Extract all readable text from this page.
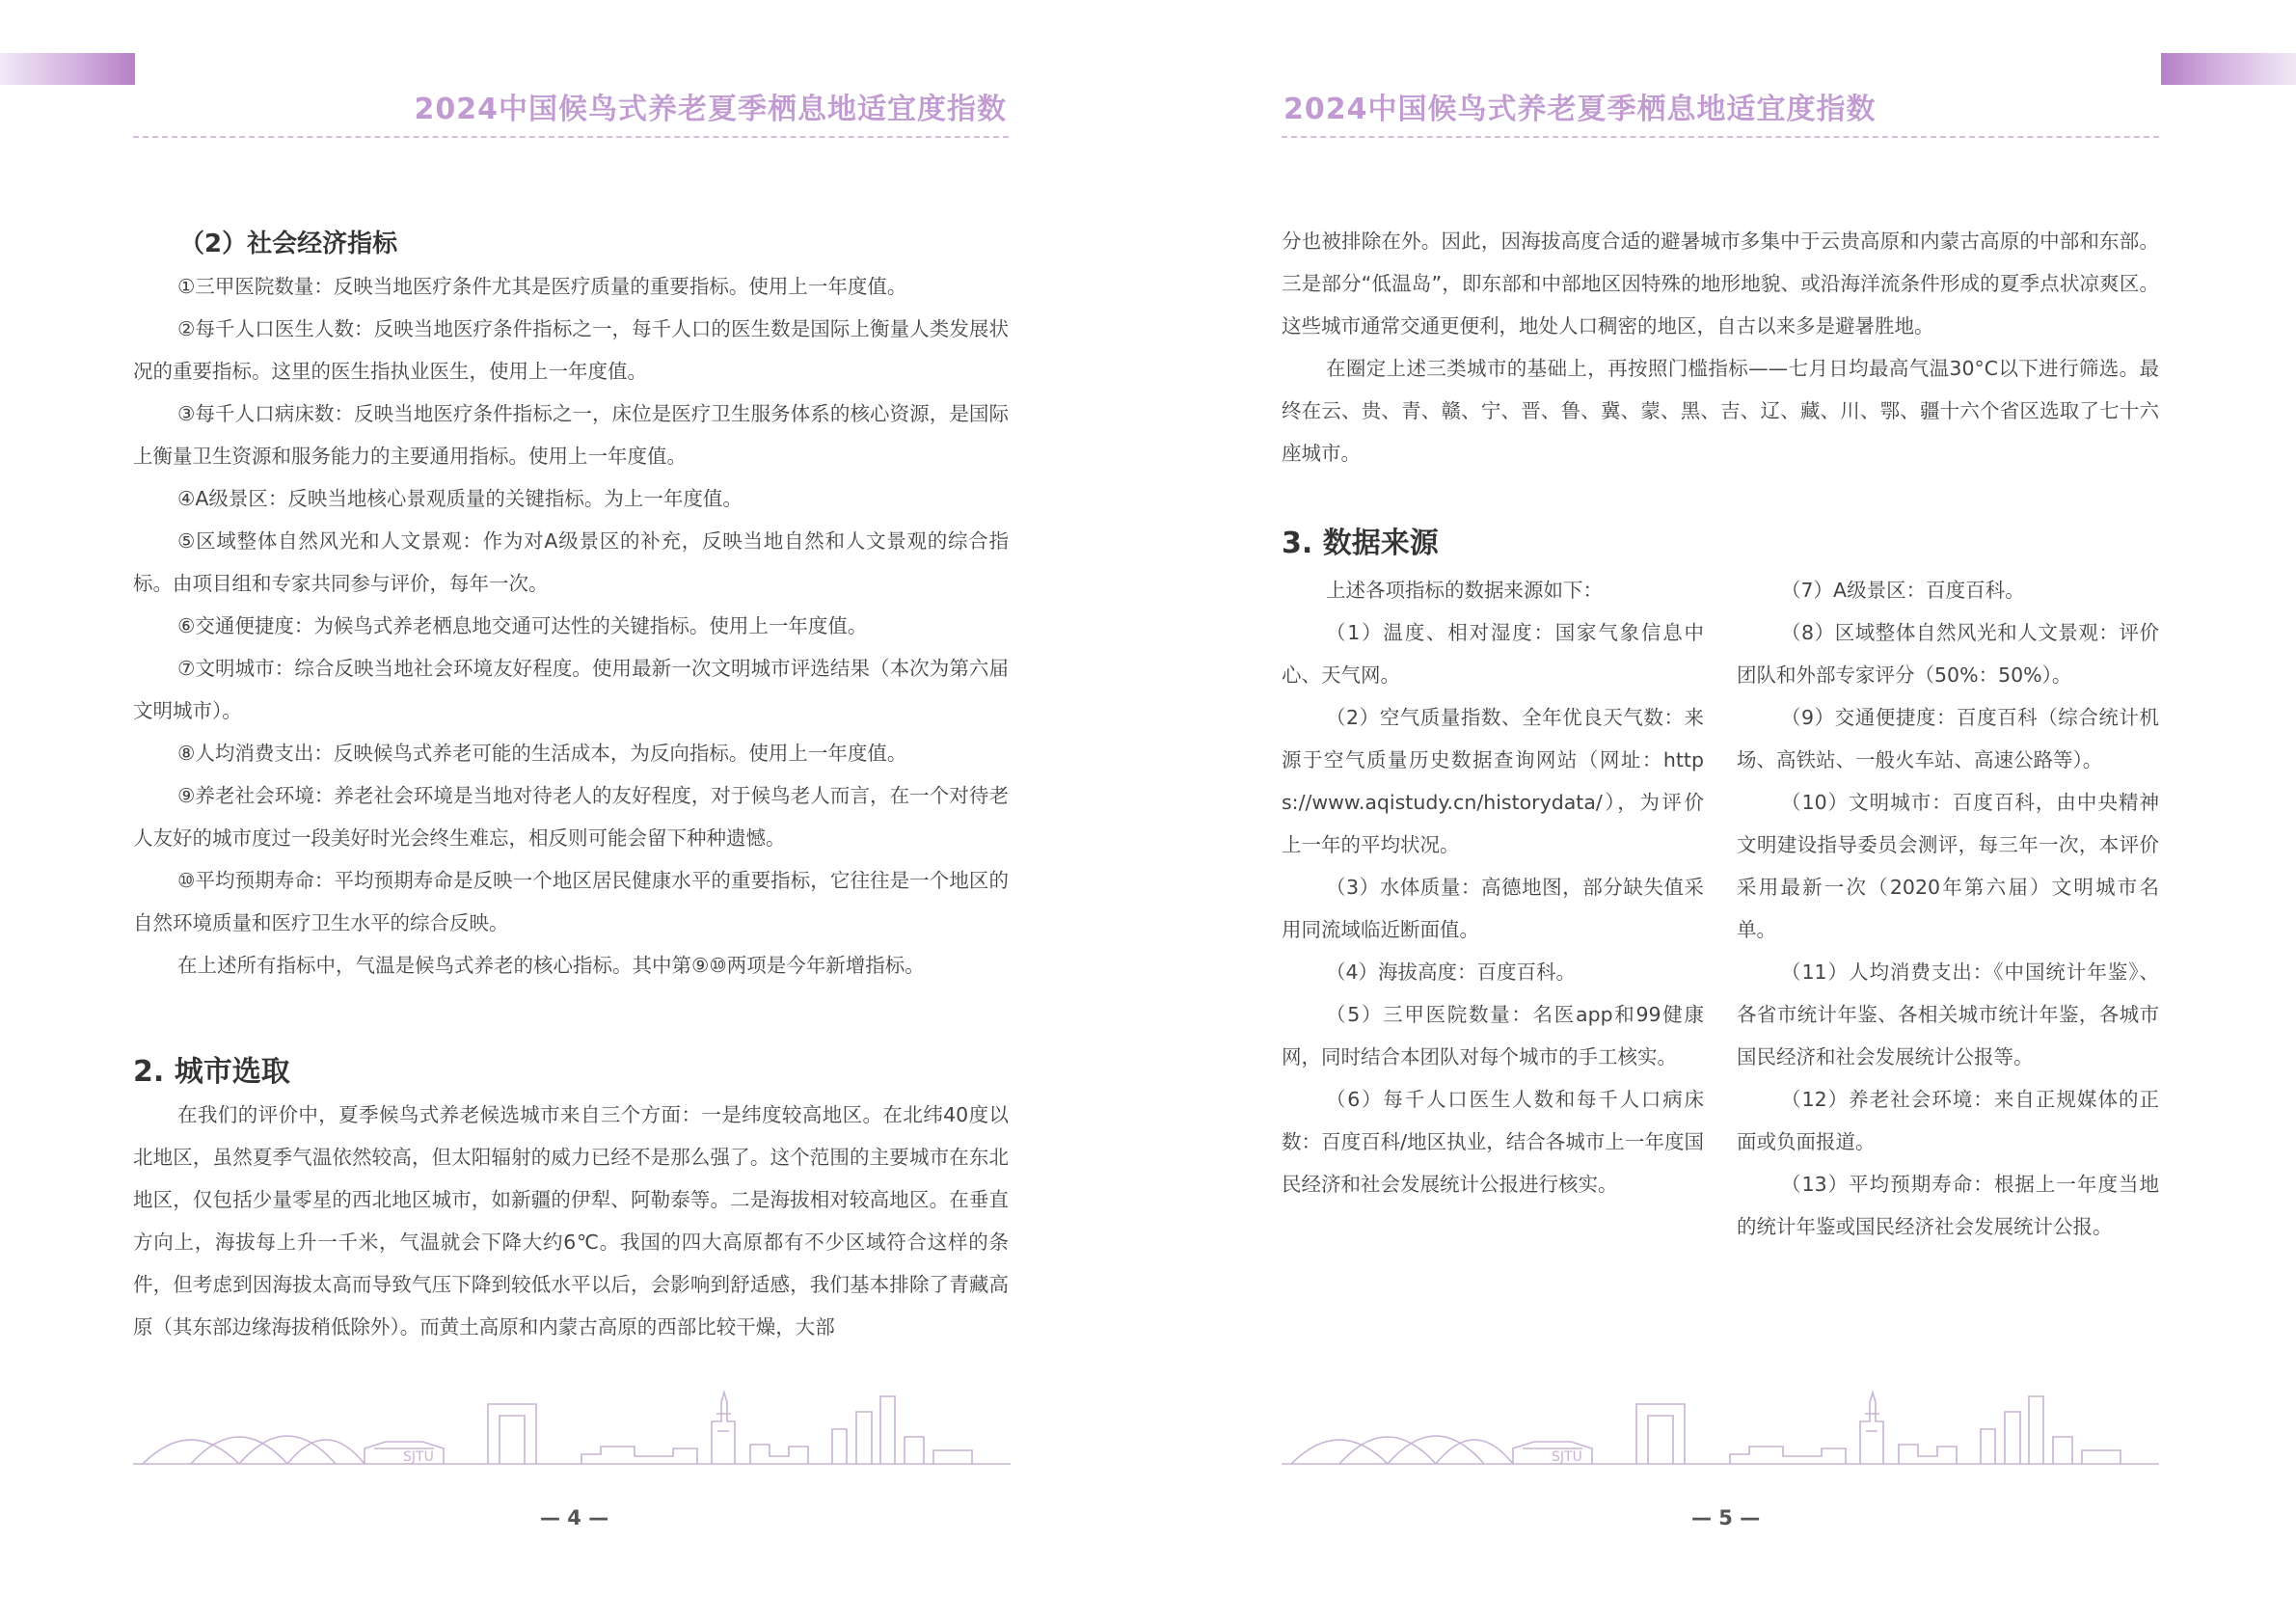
2024中国候鸟式养老夏季栖息地适宜度指数

（2）社会经济指标

①三甲医院数量：反映当地医疗条件尤其是医疗质量的重要指标。使用上一年度值。

②每千人口医生人数：反映当地医疗条件指标之一，每千人口的医生数是国际上衡量人类发展状况的重要指标。这里的医生指执业医生，使用上一年度值。

③每千人口病床数：反映当地医疗条件指标之一，床位是医疗卫生服务体系的核心资源，是国际上衡量卫生资源和服务能力的主要通用指标。使用上一年度值。

④A级景区：反映当地核心景观质量的关键指标。为上一年度值。

⑤区域整体自然风光和人文景观：作为对A级景区的补充，反映当地自然和人文景观的综合指标。由项目组和专家共同参与评价，每年一次。

⑥交通便捷度：为候鸟式养老栖息地交通可达性的关键指标。使用上一年度值。

⑦文明城市：综合反映当地社会环境友好程度。使用最新一次文明城市评选结果（本次为第六届文明城市）。

⑧人均消费支出：反映候鸟式养老可能的生活成本，为反向指标。使用上一年度值。

⑨养老社会环境：养老社会环境是当地对待老人的友好程度，对于候鸟老人而言，在一个对待老人友好的城市度过一段美好时光会终生难忘，相反则可能会留下种种遗憾。

⑩平均预期寿命：平均预期寿命是反映一个地区居民健康水平的重要指标，它往往是一个地区的自然环境质量和医疗卫生水平的综合反映。

在上述所有指标中，气温是候鸟式养老的核心指标。其中第⑨⑩两项是今年新增指标。

2. 城市选取

在我们的评价中，夏季候鸟式养老候选城市来自三个方面：一是纬度较高地区。在北纬40度以北地区，虽然夏季气温依然较高，但太阳辐射的威力已经不是那么强了。这个范围的主要城市在东北地区，仅包括少量零星的西北地区城市，如新疆的伊犁、阿勒泰等。二是海拔相对较高地区。在垂直方向上，海拔每上升一千米，气温就会下降大约6℃。我国的四大高原都有不少区域符合这样的条件，但考虑到因海拔太高而导致气压下降到较低水平以后，会影响到舒适感，我们基本排除了青藏高原（其东部边缘海拔稍低除外）。而黄土高原和内蒙古高原的西部比较干燥，大部

SJTU
— 4 —
2024中国候鸟式养老夏季栖息地适宜度指数

分也被排除在外。因此，因海拔高度合适的避暑城市多集中于云贵高原和内蒙古高原的中部和东部。三是部分“低温岛”，即东部和中部地区因特殊的地形地貌、或沿海洋流条件形成的夏季点状凉爽区。这些城市通常交通更便利，地处人口稠密的地区，自古以来多是避暑胜地。

在圈定上述三类城市的基础上，再按照门槛指标——七月日均最高气温30°C以下进行筛选。最终在云、贵、青、赣、宁、晋、鲁、冀、蒙、黑、吉、辽、藏、川、鄂、疆十六个省区选取了七十六座城市。

3. 数据来源

上述各项指标的数据来源如下：

（1）温度、相对湿度：国家气象信息中心、天气网。

（2）空气质量指数、全年优良天气数：来源于空气质量历史数据查询网站（网址：https://www.aqistudy.cn/historydata/），为评价上一年的平均状况。

（3）水体质量：高德地图，部分缺失值采用同流域临近断面值。

（4）海拔高度：百度百科。

（5）三甲医院数量：名医app和99健康网，同时结合本团队对每个城市的手工核实。

（6）每千人口医生人数和每千人口病床数：百度百科/地区执业，结合各城市上一年度国民经济和社会发展统计公报进行核实。

（7）A级景区：百度百科。

（8）区域整体自然风光和人文景观：评价团队和外部专家评分（50%：50%）。

（9）交通便捷度：百度百科（综合统计机场、高铁站、一般火车站、高速公路等）。

（10）文明城市：百度百科，由中央精神文明建设指导委员会测评，每三年一次，本评价采用最新一次（2020年第六届）文明城市名单。

（11）人均消费支出：《中国统计年鉴》、各省市统计年鉴、各相关城市统计年鉴，各城市国民经济和社会发展统计公报等。

（12）养老社会环境：来自正规媒体的正面或负面报道。

（13）平均预期寿命：根据上一年度当地的统计年鉴或国民经济社会发展统计公报。

SJTU
— 5 —
